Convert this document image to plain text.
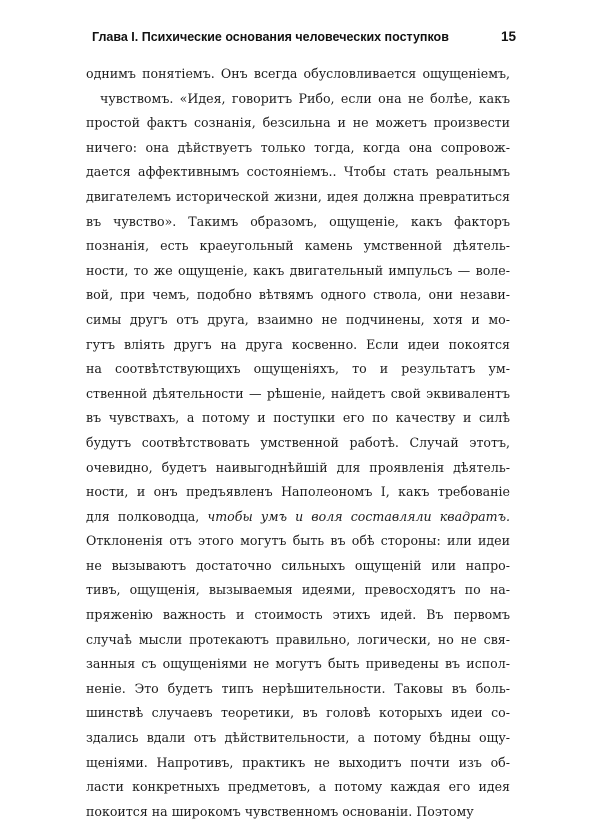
Глава I. Психические основания человеческих поступков	15
однимъ понятіемъ. Онъ всегда обусловливается ощущеніемъ,
чувствомъ. «Идея, говоритъ Рибо, если она не болѣе, какъ
простой фактъ сознанія, безсильна и не можетъ произвести
ничего: она дѣйствуетъ только тогда, когда она сопровож-
дается аффективнымъ состояніемъ.. Чтобы стать реальнымъ
двигателемъ исторической жизни, идея должна превратиться
въ чувство». Такимъ образомъ, ощущеніе, какъ факторъ
познанія, есть краеугольный камень умственной дѣятель-
ности, то же ощущеніе, какъ двигательный импульсъ — воле-
вой, при чемъ, подобно вѣтвямъ одного ствола, они незави-
симы другъ отъ друга, взаимно не подчинены, хотя и мо-
гутъ вліять другъ на друга косвенно. Если идеи покоятся
на соотвѣтствующихъ ощущеніяхъ, то и результатъ ум-
ственной дѣятельности — рѣшеніе, найдетъ свой эквивалентъ
въ чувствахъ, а потому и поступки его по качеству и силѣ
будутъ соотвѣтствовать умственной работѣ. Случай этотъ,
очевидно, будетъ наивыгоднѣйшій для проявленія дѣятель-
ности, и онъ предъявленъ Наполеономъ I, какъ требованіе
для полководца, чтобы умъ и воля составляли квадратъ.
Отклоненія отъ этого могутъ быть въ обѣ стороны: или идеи
не вызываютъ достаточно сильныхъ ощущеній или напро-
тивъ, ощущенія, вызываемыя идеями, превосходятъ по на-
пряженію важность и стоимость этихъ идей. Въ первомъ
случаѣ мысли протекаютъ правильно, логически, но не свя-
занныя съ ощущеніями не могутъ быть приведены въ испол-
неніе. Это будетъ типъ нерѣшительности. Таковы въ боль-
шинствѣ случаевъ теоретики, въ головѣ которыхъ идеи со-
здались вдали отъ дѣйствительности, а потому бѣдны ощу-
щеніями. Напротивъ, практикъ не выходитъ почти изъ об-
ласти конкретныхъ предметовъ, а потому каждая его идея
покоится на широкомъ чувственномъ основаніи. Поэтому
